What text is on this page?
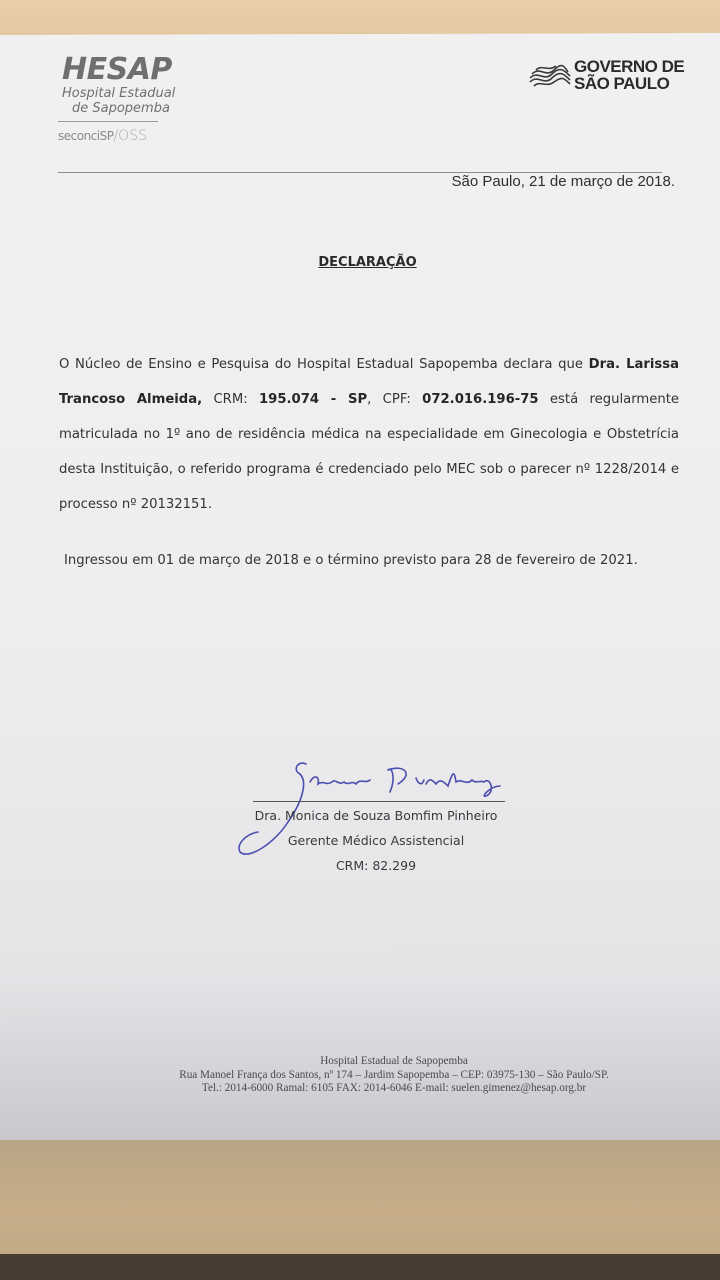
HESAP
Hospital Estadual
de Sapopemba
seconciSP/OSS
GOVERNO DE
SÃO PAULO
São Paulo, 21 de março de 2018.
DECLARAÇÃO
O Núcleo de Ensino e Pesquisa do Hospital Estadual Sapopemba declara que Dra. Larissa Trancoso Almeida, CRM: 195.074 - SP, CPF: 072.016.196-75 está regularmente matriculada no 1º ano de residência médica na especialidade em Ginecologia e Obstetrícia desta Instituição, o referido programa é credenciado pelo MEC sob o parecer nº 1228/2014 e processo nº 20132151.
Ingressou em 01 de março de 2018 e o término previsto para 28 de fevereiro de 2021.
Dra. Monica de Souza Bomfim Pinheiro
Gerente Médico Assistencial
CRM: 82.299
Hospital Estadual de Sapopemba
Rua Manoel França dos Santos, nº 174 – Jardim Sapopemba – CEP: 03975-130 – São Paulo/SP.
Tel.: 2014-6000 Ramal: 6105 FAX: 2014-6046 E-mail: suelen.gimenez@hesap.org.br
